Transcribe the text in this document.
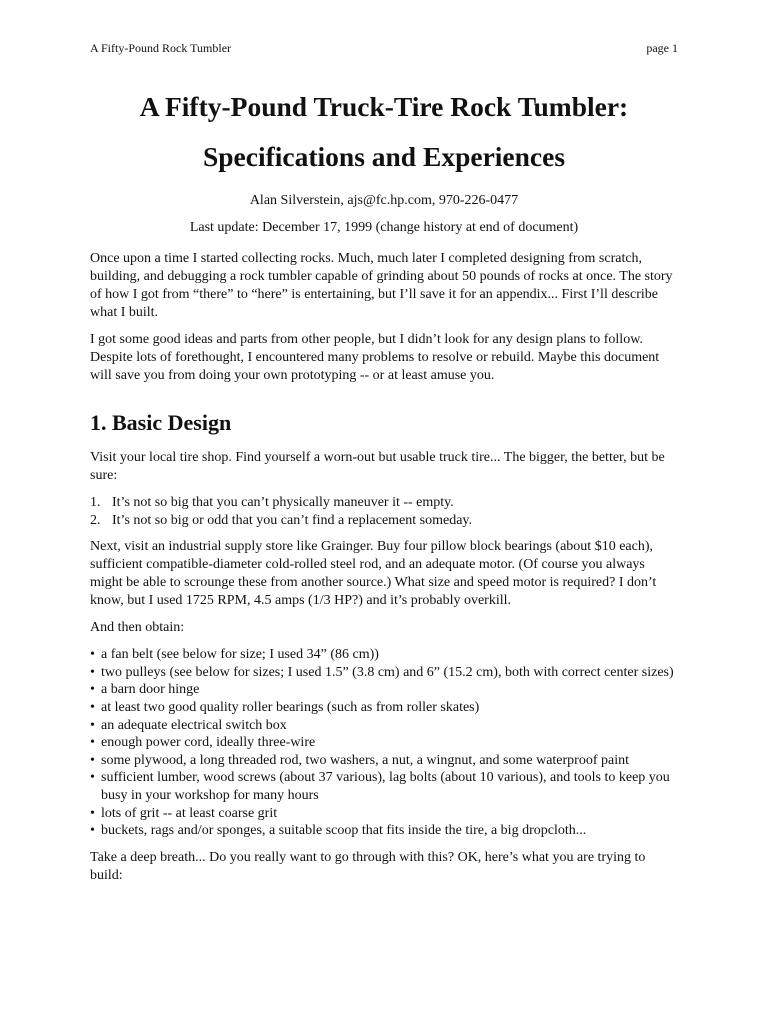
A Fifty-Pound Rock Tumbler	page 1
A Fifty-Pound Truck-Tire Rock Tumbler:
Specifications and Experiences
Alan Silverstein, ajs@fc.hp.com, 970-226-0477
Last update: December 17, 1999 (change history at end of document)

Once upon a time I started collecting rocks. Much, much later I completed designing from scratch, building, and debugging a rock tumbler capable of grinding about 50 pounds of rocks at once. The story of how I got from “there” to “here” is entertaining, but I’ll save it for an appendix... First I’ll describe what I built.

I got some good ideas and parts from other people, but I didn’t look for any design plans to follow. Despite lots of forethought, I encountered many problems to resolve or rebuild. Maybe this document will save you from doing your own prototyping -- or at least amuse you.

1. Basic Design

Visit your local tire shop. Find yourself a worn-out but usable truck tire... The bigger, the better, but be sure:

1. It’s not so big that you can’t physically maneuver it -- empty.
2. It’s not so big or odd that you can’t find a replacement someday.

Next, visit an industrial supply store like Grainger. Buy four pillow block bearings (about $10 each), sufficient compatible-diameter cold-rolled steel rod, and an adequate motor. (Of course you always might be able to scrounge these from another source.) What size and speed motor is required? I don’t know, but I used 1725 RPM, 4.5 amps (1/3 HP?) and it’s probably overkill.

And then obtain:

• a fan belt (see below for size; I used 34” (86 cm))
• two pulleys (see below for sizes; I used 1.5” (3.8 cm) and 6” (15.2 cm), both with correct center sizes)
• a barn door hinge
• at least two good quality roller bearings (such as from roller skates)
• an adequate electrical switch box
• enough power cord, ideally three-wire
• some plywood, a long threaded rod, two washers, a nut, a wingnut, and some waterproof paint
• sufficient lumber, wood screws (about 37 various), lag bolts (about 10 various), and tools to keep you busy in your workshop for many hours
• lots of grit -- at least coarse grit
• buckets, rags and/or sponges, a suitable scoop that fits inside the tire, a big dropcloth...

Take a deep breath... Do you really want to go through with this? OK, here’s what you are trying to build:
